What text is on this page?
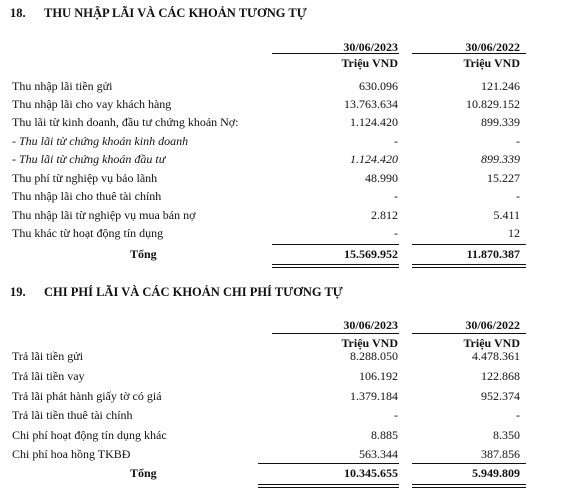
18. THU NHẬP LÃI VÀ CÁC KHOẢN TƯƠNG TỰ
30/06/2023	30/06/2022
Triệu VND	Triệu VND
Thu nhập lãi tiền gửi	630.096	121.246
Thu nhập lãi cho vay khách hàng	13.763.634	10.829.152
Thu lãi từ kinh doanh, đầu tư chứng khoán Nợ:	1.124.420	899.339
- Thu lãi từ chứng khoán kinh doanh	-	-
- Thu lãi từ chứng khoán đầu tư	1.124.420	899.339
Thu phí từ nghiệp vụ bảo lãnh	48.990	15.227
Thu nhập lãi cho thuê tài chính	-	-
Thu nhập lãi từ nghiệp vụ mua bán nợ	2.812	5.411
Thu khác từ hoạt động tín dụng	-	12
Tổng	15.569.952	11.870.387
19. CHI PHÍ LÃI VÀ CÁC KHOẢN CHI PHÍ TƯƠNG TỰ
30/06/2023	30/06/2022
Triệu VND	Triệu VND
Trả lãi tiền gửi	8.288.050	4.478.361
Trả lãi tiền vay	106.192	122.868
Trả lãi phát hành giấy tờ có giá	1.379.184	952.374
Trả lãi tiền thuê tài chính	-	-
Chi phí hoạt động tín dụng khác	8.885	8.350
Chi phí hoa hồng TKBĐ	563.344	387.856
Tổng	10.345.655	5.949.809
